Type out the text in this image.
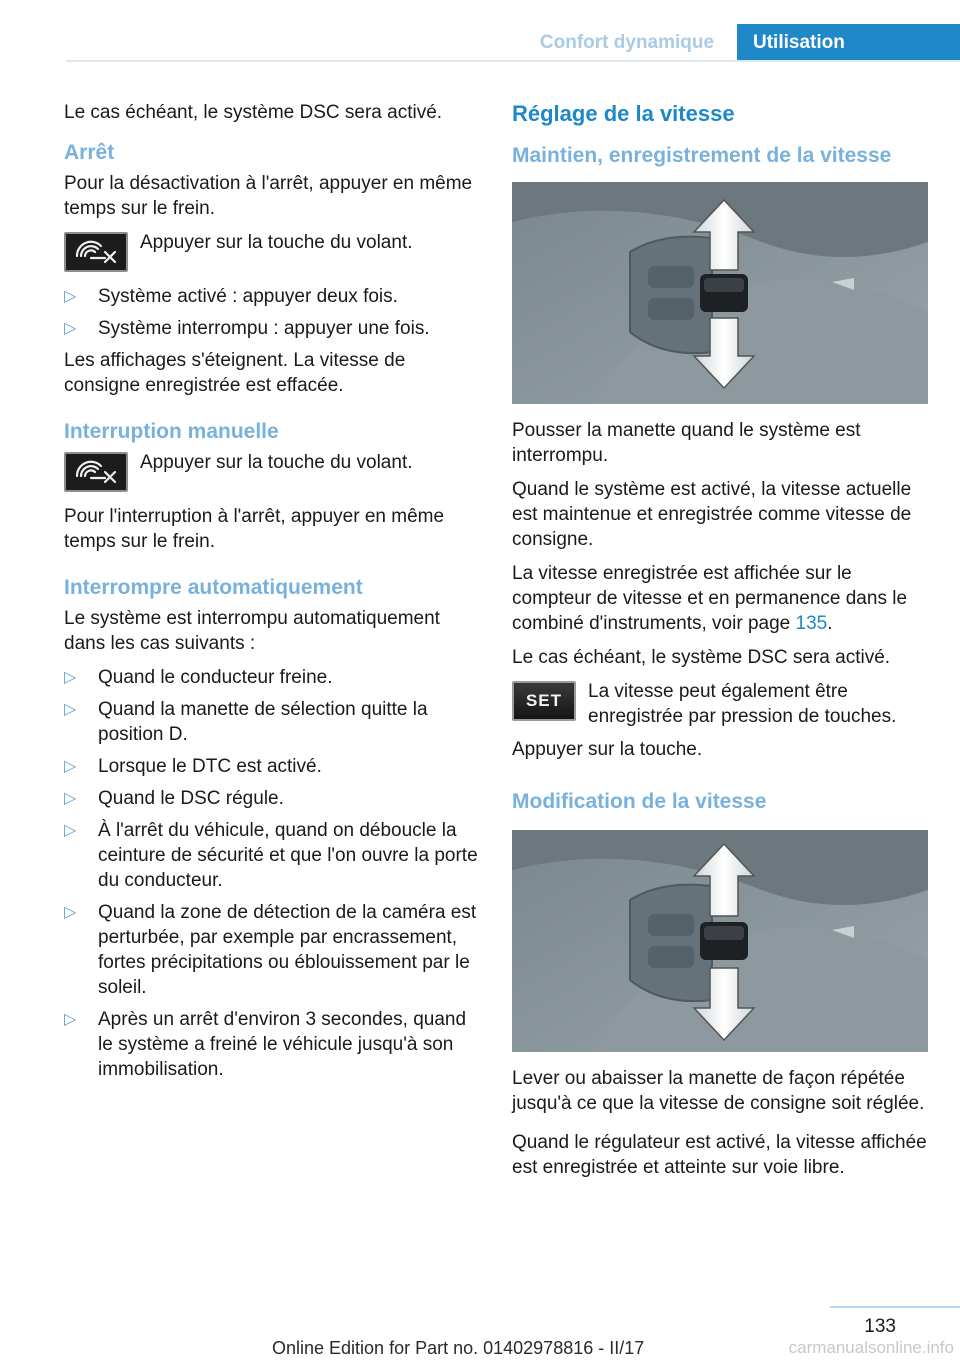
Confort dynamique	Utilisation

Le cas échéant, le système DSC sera activé.

Arrêt

Pour la désactivation à l'arrêt, appuyer en même temps sur le frein.

Appuyer sur la touche du volant.
▷	Système activé : appuyer deux fois.
▷	Système interrompu : appuyer une fois.

Les affichages s'éteignent. La vitesse de consigne enregistrée est effacée.

Interruption manuelle
Appuyer sur la touche du volant.

Pour l'interruption à l'arrêt, appuyer en même temps sur le frein.

Interrompre automatiquement

Le système est interrompu automatiquement dans les cas suivants :

▷	Quand le conducteur freine.
▷	Quand la manette de sélection quitte la position D.
▷	Lorsque le DTC est activé.
▷	Quand le DSC régule.
▷	À l'arrêt du véhicule, quand on déboucle la ceinture de sécurité et que l'on ouvre la porte du conducteur.
▷	Quand la zone de détection de la caméra est perturbée, par exemple par encrassement, fortes précipitations ou éblouissement par le soleil.
▷	Après un arrêt d'environ 3 secondes, quand le système a freiné le véhicule jusqu'à son immobilisation.
Réglage de la vitesse
Maintien, enregistrement de la vitesse

Pousser la manette quand le système est interrompu.

Quand le système est activé, la vitesse actuelle est maintenue et enregistrée comme vitesse de consigne.

La vitesse enregistrée est affichée sur le compteur de vitesse et en permanence dans le combiné d'instruments, voir page 135.

Le cas échéant, le système DSC sera activé.

SET	La vitesse peut également être enregistrée par pression de touches.

Appuyer sur la touche.

Modification de la vitesse

Lever ou abaisser la manette de façon répétée jusqu'à ce que la vitesse de consigne soit réglée.

Quand le régulateur est activé, la vitesse affichée est enregistrée et atteinte sur voie libre.

133
Online Edition for Part no. 01402978816 - II/17	carmanualsonline.info
